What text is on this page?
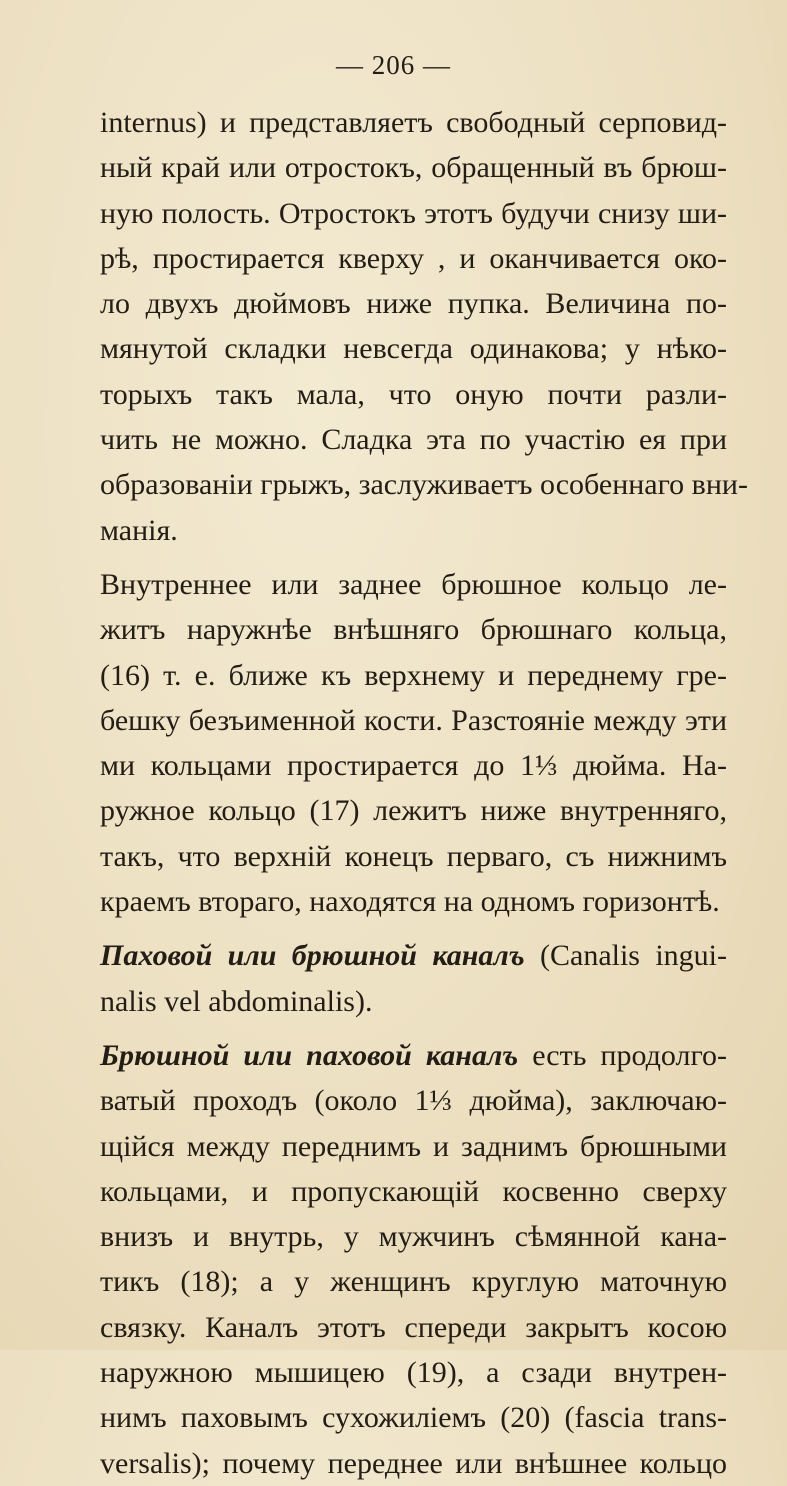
— 206 —
internus) и представляетъ свободный серповид-
ный край или отростокъ, обращенный въ брюш-
ную полость. Отростокъ этотъ будучи снизу ши-
рѣ, простирается кверху , и оканчивается око-
ло двухъ дюймовъ ниже пупка. Величина по-
мянутой складки невсегда одинакова; у нѣко-
торыхъ такъ мала, что оную почти разли-
чить не можно. Сладка эта по участію ея при
образованіи грыжъ, заслуживаетъ особеннаго вни-
манія.
Внутреннее или заднее брюшное кольцо ле-
житъ наружнѣе внѣшняго брюшнаго кольца,
(16) т. е. ближе къ верхнему и переднему гре-
бешку безъименной кости. Разстояніе между эти
ми кольцами простирается до 1⅓ дюйма. На-
ружное кольцо (17) лежитъ ниже внутренняго,
такъ, что верхній конецъ перваго, съ нижнимъ
краемъ втораго, находятся на одномъ горизонтѣ.
Паховой или брюшной каналъ (Canalis ingui-
nalis vel abdominalis).
Брюшной или паховой каналъ есть продолго-
ватый проходъ (около 1⅓ дюйма), заключаю-
щійся между переднимъ и заднимъ брюшными
кольцами, и пропускающій косвенно сверху
внизъ и внутрь, у мужчинъ сѣмянной кана-
тикъ (18); а у женщинъ круглую маточную
связку. Каналъ этотъ спереди закрытъ косою
наружною мышицею (19), а сзади внутрен-
нимъ паховымъ сухожиліемъ (20) (fascia trans-
versalis); почему переднее или внѣшнее кольцо
